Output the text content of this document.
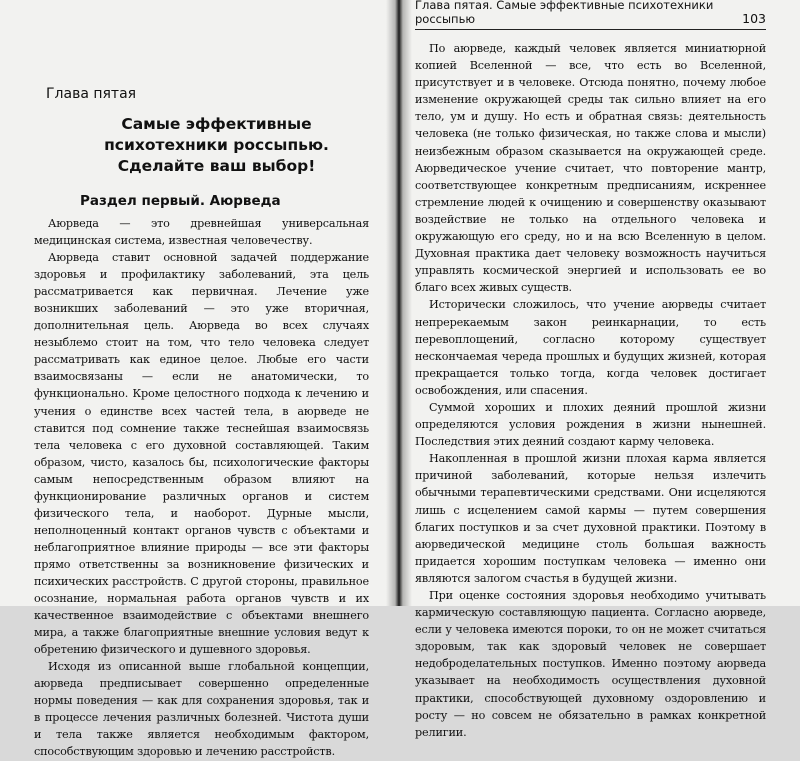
Глава пятая
Самые эффективные психотехники россыпью. Сделайте ваш выбор!
Раздел первый. Аюрведа

Аюрведа — это древнейшая универсальная медицинская система, известная человечеству.

Аюрведа ставит основной задачей поддержание здоровья и профилактику заболеваний, эта цель рассматривается как первичная. Лечение уже возникших заболеваний — это уже вторичная, дополнительная цель. Аюрведа во всех случаях незыблемо стоит на том, что тело человека следует рассматривать как единое целое. Любые его части взаимосвязаны — если не анатомически, то функционально. Кроме целостного подхода к лечению и учения о единстве всех частей тела, в аюрведе не ставится под сомнение также теснейшая взаимосвязь тела человека с его духовной составляющей. Таким образом, чисто, казалось бы, психологические факторы самым непосредственным образом влияют на функционирование различных органов и систем физического тела, и наоборот. Дурные мысли, неполноценный контакт органов чувств с объектами и неблагоприятное влияние природы — все эти факторы прямо ответственны за возникновение физических и психических расстройств. С другой стороны, правильное осознание, нормальная работа органов чувств и их качественное взаимодействие с объектами внешнего мира, а также благоприятные внешние условия ведут к обретению физического и душевного здоровья.

Исходя из описанной выше глобальной концепции, аюрведа предписывает совершенно определенные нормы поведения — как для сохранения здоровья, так и в процессе лечения различных болезней. Чистота души и тела также является необходимым фактором, способствующим здоровью и лечению расстройств.

Глава пятая. Самые эффективные психотехники россыпью	103

По аюрведе, каждый человек является миниатюрной копией Вселенной — все, что есть во Вселенной, присутствует и в человеке. Отсюда понятно, почему любое изменение окружающей среды так сильно влияет на его тело, ум и душу. Но есть и обратная связь: деятельность человека (не только физическая, но также слова и мысли) неизбежным образом сказывается на окружающей среде. Аюрведическое учение считает, что повторение мантр, соответствующее конкретным предписаниям, искреннее стремление людей к очищению и совершенству оказывают воздействие не только на отдельного человека и окружающую его среду, но и на всю Вселенную в целом. Духовная практика дает человеку возможность научиться управлять космической энергией и использовать ее во благо всех живых существ.

Исторически сложилось, что учение аюрведы считает непререкаемым закон реинкарнации, то есть перевоплощений, согласно которому существует нескончаемая череда прошлых и будущих жизней, которая прекращается только тогда, когда человек достигает освобождения, или спасения.

Суммой хороших и плохих деяний прошлой жизни определяются условия рождения в жизни нынешней. Последствия этих деяний создают карму человека.

Накопленная в прошлой жизни плохая карма является причиной заболеваний, которые нельзя излечить обычными терапевтическими средствами. Они исцеляются лишь с исцелением самой кармы — путем совершения благих поступков и за счет духовной практики. Поэтому в аюрведической медицине столь большая важность придается хорошим поступкам человека — именно они являются залогом счастья в будущей жизни.

При оценке состояния здоровья необходимо учитывать кармическую составляющую пациента. Согласно аюрведе, если у человека имеются пороки, то он не может считаться здоровым, так как здоровый человек не совершает недоброделательных поступков. Именно поэтому аюрведа указывает на необходимость осуществления духовной практики, способствующей духовному оздоровлению и росту — но совсем не обязательно в рамках конкретной религии.
